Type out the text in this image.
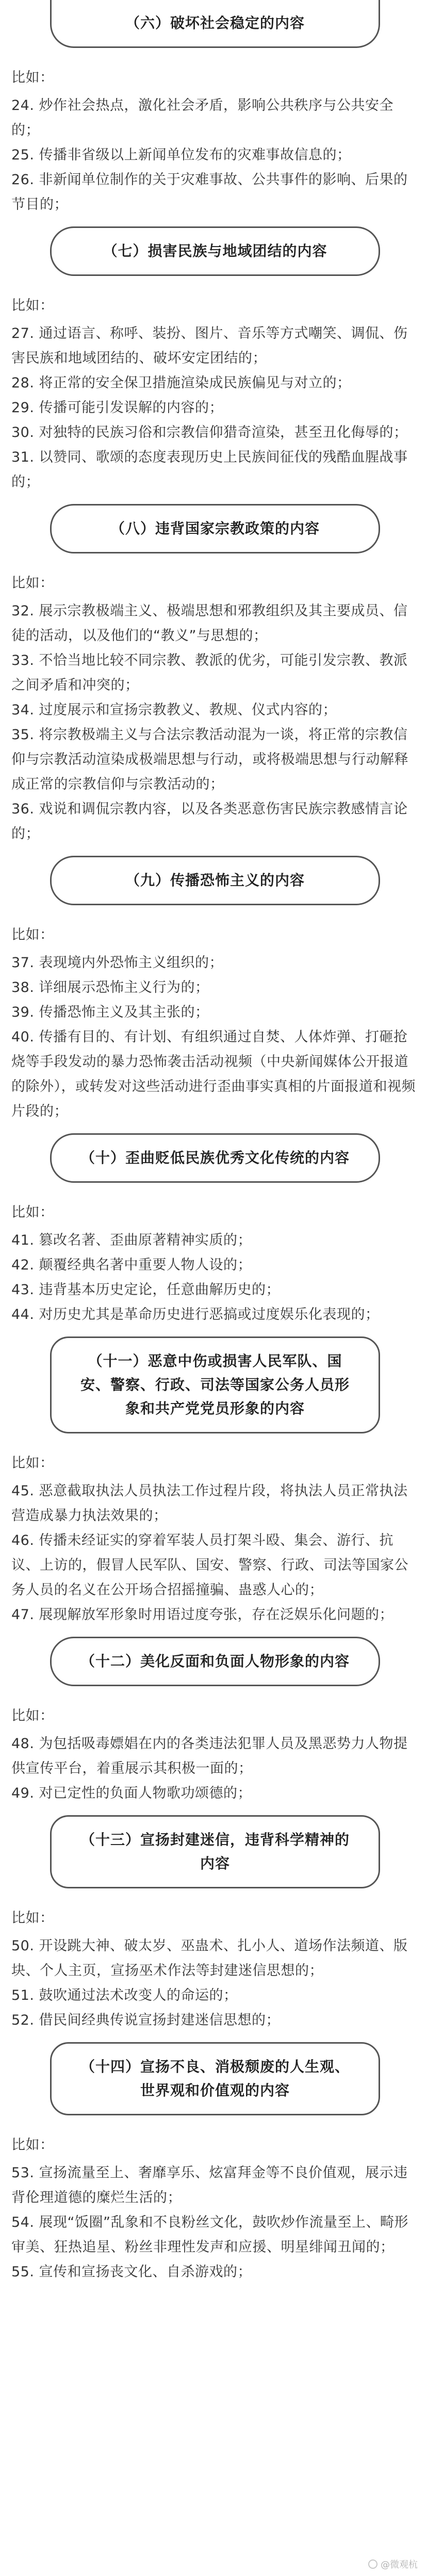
（六）破坏社会稳定的内容

比如：

24. 炒作社会热点，激化社会矛盾，影响公共秩序与公共安全的；

25. 传播非省级以上新闻单位发布的灾难事故信息的；

26. 非新闻单位制作的关于灾难事故、公共事件的影响、后果的节目的；

（七）损害民族与地域团结的内容

比如：

27. 通过语言、称呼、装扮、图片、音乐等方式嘲笑、调侃、伤害民族和地域团结的、破坏安定团结的；

28. 将正常的安全保卫措施渲染成民族偏见与对立的；

29. 传播可能引发误解的内容的；

30. 对独特的民族习俗和宗教信仰猎奇渲染，甚至丑化侮辱的；

31. 以赞同、歌颂的态度表现历史上民族间征伐的残酷血腥战事的；

（八）违背国家宗教政策的内容

比如：

32. 展示宗教极端主义、极端思想和邪教组织及其主要成员、信徒的活动，以及他们的“教义”与思想的；

33. 不恰当地比较不同宗教、教派的优劣，可能引发宗教、教派之间矛盾和冲突的；

34. 过度展示和宣扬宗教教义、教规、仪式内容的；

35. 将宗教极端主义与合法宗教活动混为一谈，将正常的宗教信仰与宗教活动渲染成极端思想与行动，或将极端思想与行动解释成正常的宗教信仰与宗教活动的；

36. 戏说和调侃宗教内容，以及各类恶意伤害民族宗教感情言论的；

（九）传播恐怖主义的内容

比如：

37. 表现境内外恐怖主义组织的；

38. 详细展示恐怖主义行为的；

39. 传播恐怖主义及其主张的；

40. 传播有目的、有计划、有组织通过自焚、人体炸弹、打砸抢烧等手段发动的暴力恐怖袭击活动视频（中央新闻媒体公开报道的除外），或转发对这些活动进行歪曲事实真相的片面报道和视频片段的；

（十）歪曲贬低民族优秀文化传统的内容

比如：

41. 篡改名著、歪曲原著精神实质的；

42. 颠覆经典名著中重要人物人设的；

43. 违背基本历史定论，任意曲解历史的；

44. 对历史尤其是革命历史进行恶搞或过度娱乐化表现的；

（十一）恶意中伤或损害人民军队、国
安、警察、行政、司法等国家公务人员形
象和共产党党员形象的内容

比如：

45. 恶意截取执法人员执法工作过程片段，将执法人员正常执法营造成暴力执法效果的；

46. 传播未经证实的穿着军装人员打架斗殴、集会、游行、抗议、上访的，假冒人民军队、国安、警察、行政、司法等国家公务人员的名义在公开场合招摇撞骗、蛊惑人心的；

47. 展现解放军形象时用语过度夸张，存在泛娱乐化问题的；

（十二）美化反面和负面人物形象的内容

比如：

48. 为包括吸毒嫖娼在内的各类违法犯罪人员及黑恶势力人物提供宣传平台，着重展示其积极一面的；

49. 对已定性的负面人物歌功颂德的；

（十三）宣扬封建迷信，违背科学精神的
内容

比如：

50. 开设跳大神、破太岁、巫蛊术、扎小人、道场作法频道、版块、个人主页，宣扬巫术作法等封建迷信思想的；

51. 鼓吹通过法术改变人的命运的；

52. 借民间经典传说宣扬封建迷信思想的；

（十四）宣扬不良、消极颓废的人生观、
世界观和价值观的内容

比如：

53. 宣扬流量至上、奢靡享乐、炫富拜金等不良价值观，展示违背伦理道德的糜烂生活的；

54. 展现“饭圈”乱象和不良粉丝文化，鼓吹炒作流量至上、畸形审美、狂热追星、粉丝非理性发声和应援、明星绯闻丑闻的；

55. 宣传和宣扬丧文化、自杀游戏的；

@微观杭
